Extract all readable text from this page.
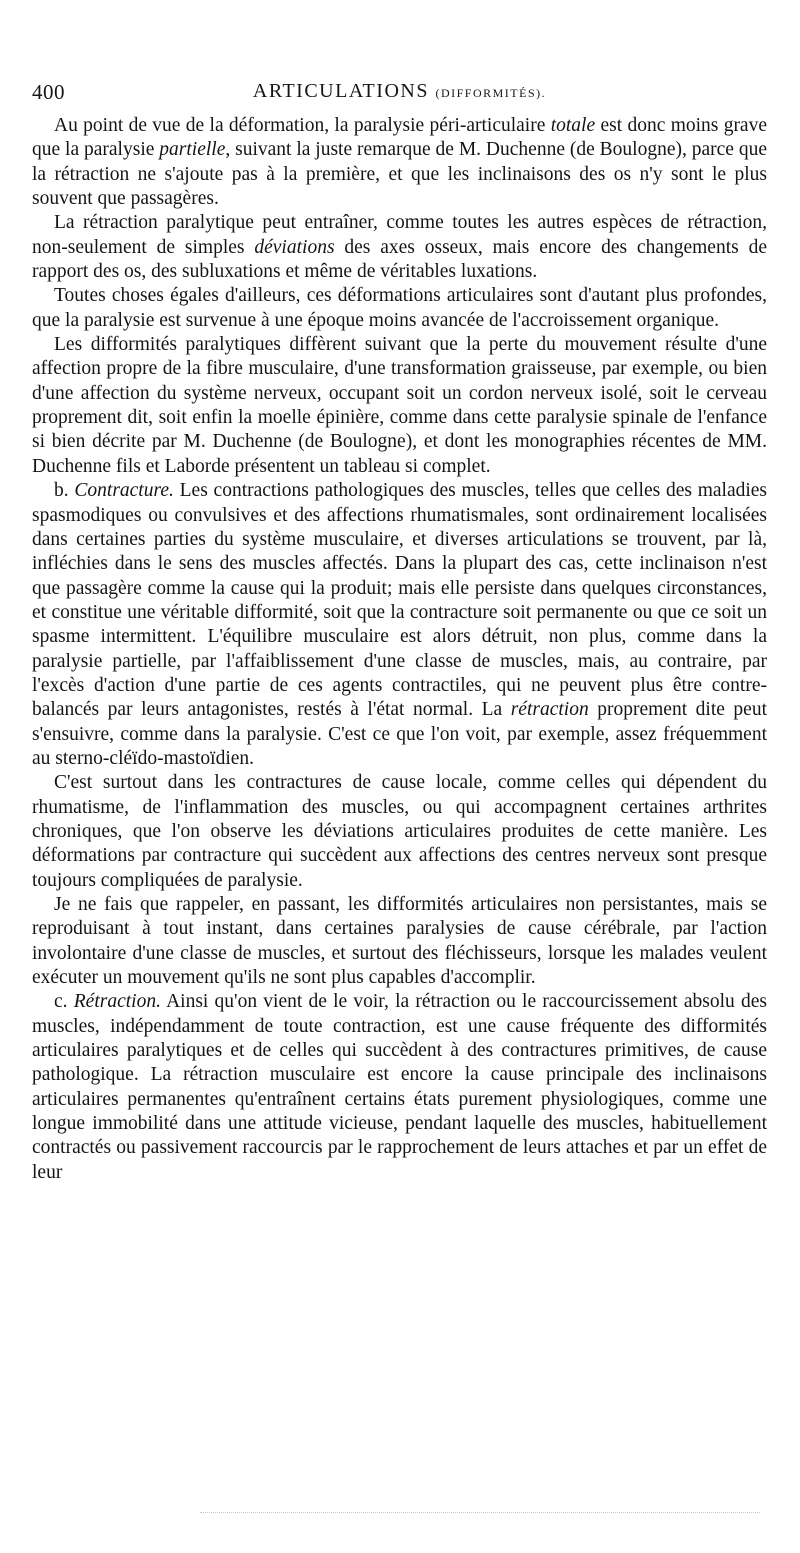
400	ARTICULATIONS (DIFFORMITÉS).

Au point de vue de la déformation, la paralysie péri-articulaire totale est donc moins grave que la paralysie partielle, suivant la juste remarque de M. Duchenne (de Boulogne), parce que la rétraction ne s'ajoute pas à la première, et que les inclinaisons des os n'y sont le plus souvent que passagères.

La rétraction paralytique peut entraîner, comme toutes les autres espèces de rétraction, non-seulement de simples déviations des axes osseux, mais encore des changements de rapport des os, des subluxations et même de véritables luxations.

Toutes choses égales d'ailleurs, ces déformations articulaires sont d'autant plus profondes, que la paralysie est survenue à une époque moins avancée de l'accroissement organique.

Les difformités paralytiques diffèrent suivant que la perte du mouvement résulte d'une affection propre de la fibre musculaire, d'une transformation graisseuse, par exemple, ou bien d'une affection du système nerveux, occupant soit un cordon nerveux isolé, soit le cerveau proprement dit, soit enfin la moelle épinière, comme dans cette paralysie spinale de l'enfance si bien décrite par M. Duchenne (de Boulogne), et dont les monographies récentes de MM. Duchenne fils et Laborde présentent un tableau si complet.

b. Contracture. Les contractions pathologiques des muscles, telles que celles des maladies spasmodiques ou convulsives et des affections rhumatismales, sont ordinairement localisées dans certaines parties du système musculaire, et diverses articulations se trouvent, par là, infléchies dans le sens des muscles affectés. Dans la plupart des cas, cette inclinaison n'est que passagère comme la cause qui la produit; mais elle persiste dans quelques circonstances, et constitue une véritable difformité, soit que la contracture soit permanente ou que ce soit un spasme intermittent. L'équilibre musculaire est alors détruit, non plus, comme dans la paralysie partielle, par l'affaiblissement d'une classe de muscles, mais, au contraire, par l'excès d'action d'une partie de ces agents contractiles, qui ne peuvent plus être contre-balancés par leurs antagonistes, restés à l'état normal. La rétraction proprement dite peut s'ensuivre, comme dans la paralysie. C'est ce que l'on voit, par exemple, assez fréquemment au sterno-cléïdo-mastoïdien.

C'est surtout dans les contractures de cause locale, comme celles qui dépendent du rhumatisme, de l'inflammation des muscles, ou qui accompagnent certaines arthrites chroniques, que l'on observe les déviations articulaires produites de cette manière. Les déformations par contracture qui succèdent aux affections des centres nerveux sont presque toujours compliquées de paralysie.

Je ne fais que rappeler, en passant, les difformités articulaires non persistantes, mais se reproduisant à tout instant, dans certaines paralysies de cause cérébrale, par l'action involontaire d'une classe de muscles, et surtout des fléchisseurs, lorsque les malades veulent exécuter un mouvement qu'ils ne sont plus capables d'accomplir.

c. Rétraction. Ainsi qu'on vient de le voir, la rétraction ou le raccourcissement absolu des muscles, indépendamment de toute contraction, est une cause fréquente des difformités articulaires paralytiques et de celles qui succèdent à des contractures primitives, de cause pathologique. La rétraction musculaire est encore la cause principale des inclinaisons articulaires permanentes qu'entraînent certains états purement physiologiques, comme une longue immobilité dans une attitude vicieuse, pendant laquelle des muscles, habituellement contractés ou passivement raccourcis par le rapprochement de leurs attaches et par un effet de leur
